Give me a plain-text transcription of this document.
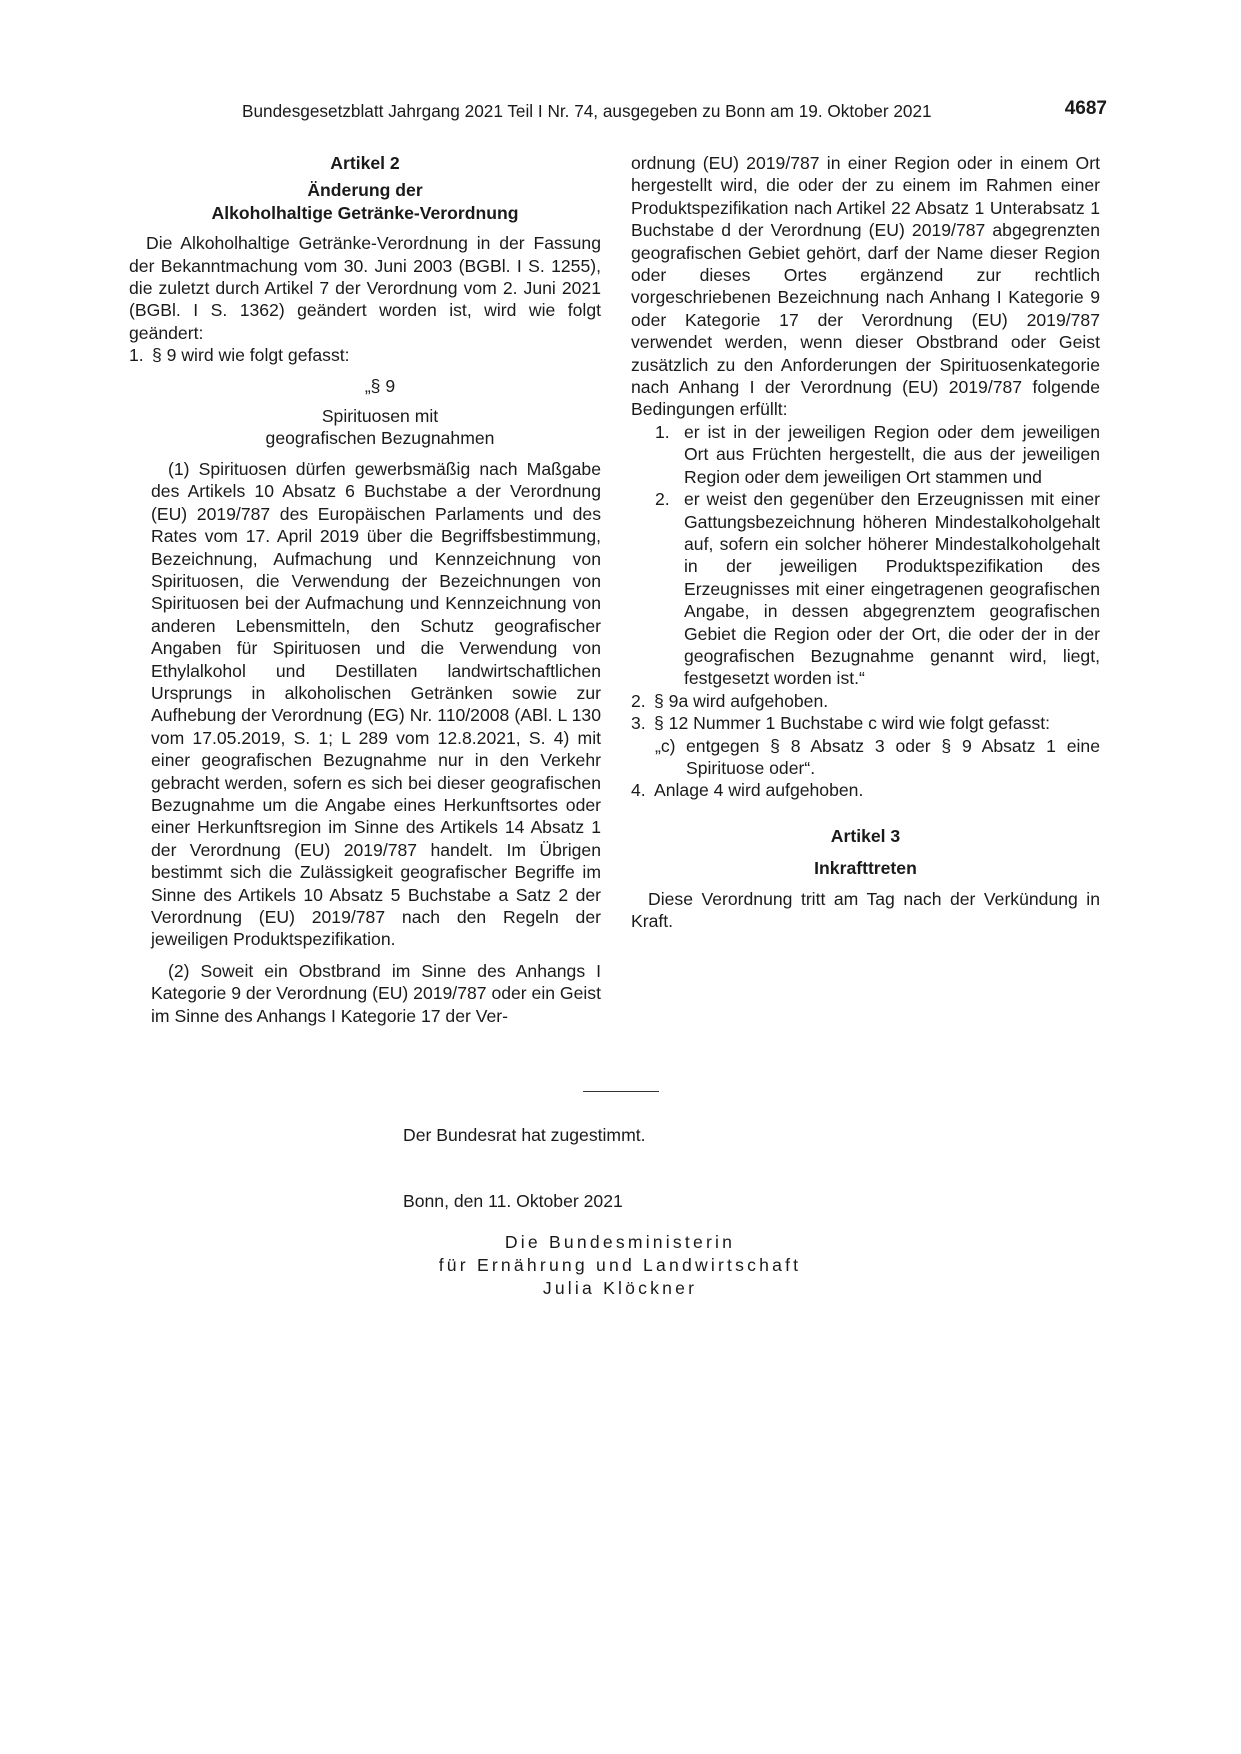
Bundesgesetzblatt Jahrgang 2021 Teil I Nr. 74, ausgegeben zu Bonn am 19. Oktober 2021	4687
Artikel 2
Änderung der
Alkoholhaltige Getränke-Verordnung

Die Alkoholhaltige Getränke-Verordnung in der Fassung der Bekanntmachung vom 30. Juni 2003 (BGBl. I S. 1255), die zuletzt durch Artikel 7 der Verordnung vom 2. Juni 2021 (BGBl. I S. 1362) geändert worden ist, wird wie folgt geändert:

1. § 9 wird wie folgt gefasst:
„§ 9
Spirituosen mit
geografischen Bezugnahmen

(1) Spirituosen dürfen gewerbsmäßig nach Maßgabe des Artikels 10 Absatz 6 Buchstabe a der Verordnung (EU) 2019/787 des Europäischen Parlaments und des Rates vom 17. April 2019 über die Begriffsbestimmung, Bezeichnung, Aufmachung und Kennzeichnung von Spirituosen, die Verwendung der Bezeichnungen von Spirituosen bei der Aufmachung und Kennzeichnung von anderen Lebensmitteln, den Schutz geografischer Angaben für Spirituosen und die Verwendung von Ethylalkohol und Destillaten landwirtschaftlichen Ursprungs in alkoholischen Getränken sowie zur Aufhebung der Verordnung (EG) Nr. 110/2008 (ABl. L 130 vom 17.05.2019, S. 1; L 289 vom 12.8.2021, S. 4) mit einer geografischen Bezugnahme nur in den Verkehr gebracht werden, sofern es sich bei dieser geografischen Bezugnahme um die Angabe eines Herkunftsortes oder einer Herkunftsregion im Sinne des Artikels 14 Absatz 1 der Verordnung (EU) 2019/787 handelt. Im Übrigen bestimmt sich die Zulässigkeit geografischer Begriffe im Sinne des Artikels 10 Absatz 5 Buchstabe a Satz 2 der Verordnung (EU) 2019/787 nach den Regeln der jeweiligen Produktspezifikation.

(2) Soweit ein Obstbrand im Sinne des Anhangs I Kategorie 9 der Verordnung (EU) 2019/787 oder ein Geist im Sinne des Anhangs I Kategorie 17 der Ver-

ordnung (EU) 2019/787 in einer Region oder in einem Ort hergestellt wird, die oder der zu einem im Rahmen einer Produktspezifikation nach Artikel 22 Absatz 1 Unterabsatz 1 Buchstabe d der Verordnung (EU) 2019/787 abgegrenzten geografischen Gebiet gehört, darf der Name dieser Region oder dieses Ortes ergänzend zur rechtlich vorgeschriebenen Bezeichnung nach Anhang I Kategorie 9 oder Kategorie 17 der Verordnung (EU) 2019/787 verwendet werden, wenn dieser Obstbrand oder Geist zusätzlich zu den Anforderungen der Spirituosenkategorie nach Anhang I der Verordnung (EU) 2019/787 folgende Bedingungen erfüllt:

1. er ist in der jeweiligen Region oder dem jeweiligen Ort aus Früchten hergestellt, die aus der jeweiligen Region oder dem jeweiligen Ort stammen und
2. er weist den gegenüber den Erzeugnissen mit einer Gattungsbezeichnung höheren Mindestalkoholgehalt auf, sofern ein solcher höherer Mindestalkoholgehalt in der jeweiligen Produktspezifikation des Erzeugnisses mit einer eingetragenen geografischen Angabe, in dessen abgegrenztem geografischen Gebiet die Region oder der Ort, die oder der in der geografischen Bezugnahme genannt wird, liegt, festgesetzt worden ist.“
2. § 9a wird aufgehoben.
3. § 12 Nummer 1 Buchstabe c wird wie folgt gefasst:
„c) entgegen § 8 Absatz 3 oder § 9 Absatz 1 eine Spirituose oder“.
4. Anlage 4 wird aufgehoben.
Artikel 3
Inkrafttreten

Diese Verordnung tritt am Tag nach der Verkündung in Kraft.

Der Bundesrat hat zugestimmt.
Bonn, den 11. Oktober 2021
Die Bundesministerin
für Ernährung und Landwirtschaft
Julia Klöckner
